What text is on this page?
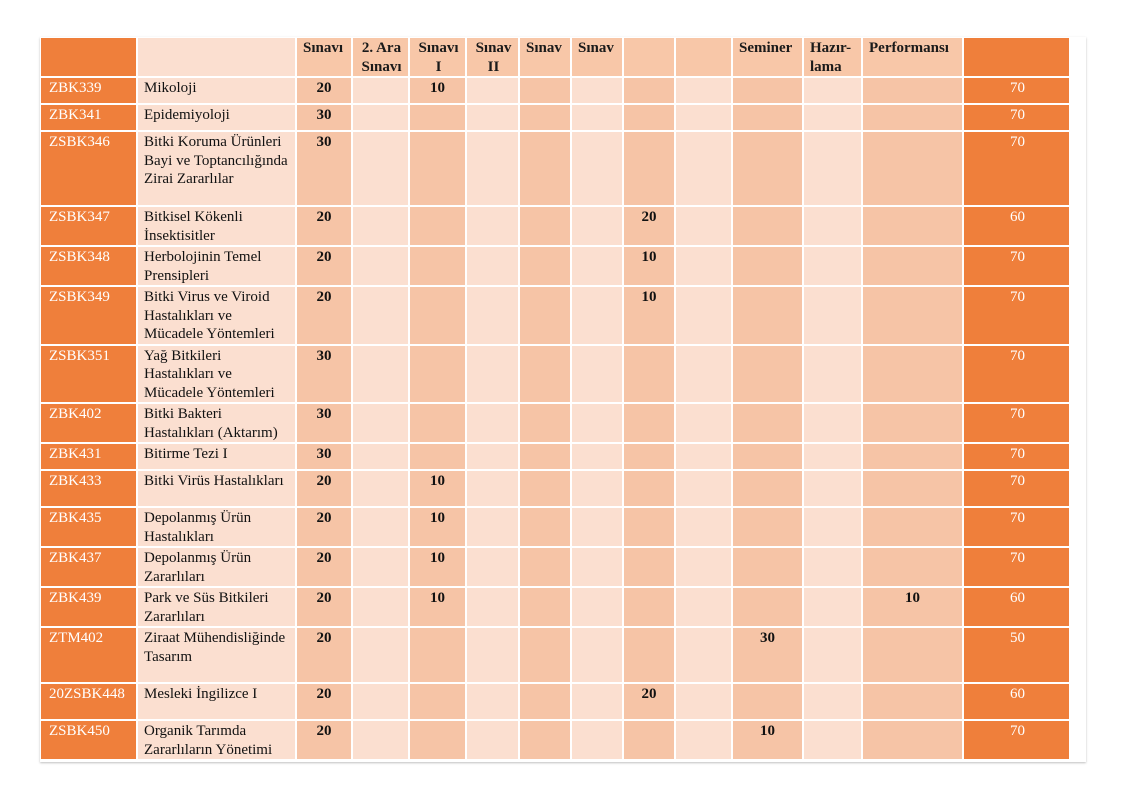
		Sınavı	2. Ara Sınavı	Sınavı I	Sınav II	Sınav	Sınav			Seminer	Hazır-lama	Performansı	
ZBK339	Mikoloji	20		10									70
ZBK341	Epidemiyoloji	30											70
ZSBK346	Bitki Koruma Ürünleri Bayi ve Toptancılığında Zirai Zararlılar	30											70
ZSBK347	Bitkisel Kökenli İnsektisitler	20						20					60
ZSBK348	Herbolojinin Temel Prensipleri	20						10					70
ZSBK349	Bitki Virus ve Viroid Hastalıkları ve Mücadele Yöntemleri	20						10					70
ZSBK351	Yağ Bitkileri Hastalıkları ve Mücadele Yöntemleri	30											70
ZBK402	Bitki Bakteri Hastalıkları (Aktarım)	30											70
ZBK431	Bitirme Tezi I	30											70
ZBK433	Bitki Virüs Hastalıkları	20		10									70
ZBK435	Depolanmış Ürün Hastalıkları	20		10									70
ZBK437	Depolanmış Ürün Zararlıları	20		10									70
ZBK439	Park ve Süs Bitkileri Zararlıları	20		10								10	60
ZTM402	Ziraat Mühendisliğinde Tasarım	20								30			50
20ZSBK448	Mesleki İngilizce I	20						20					60
ZSBK450	Organik Tarımda Zararlıların Yönetimi	20								10			70
